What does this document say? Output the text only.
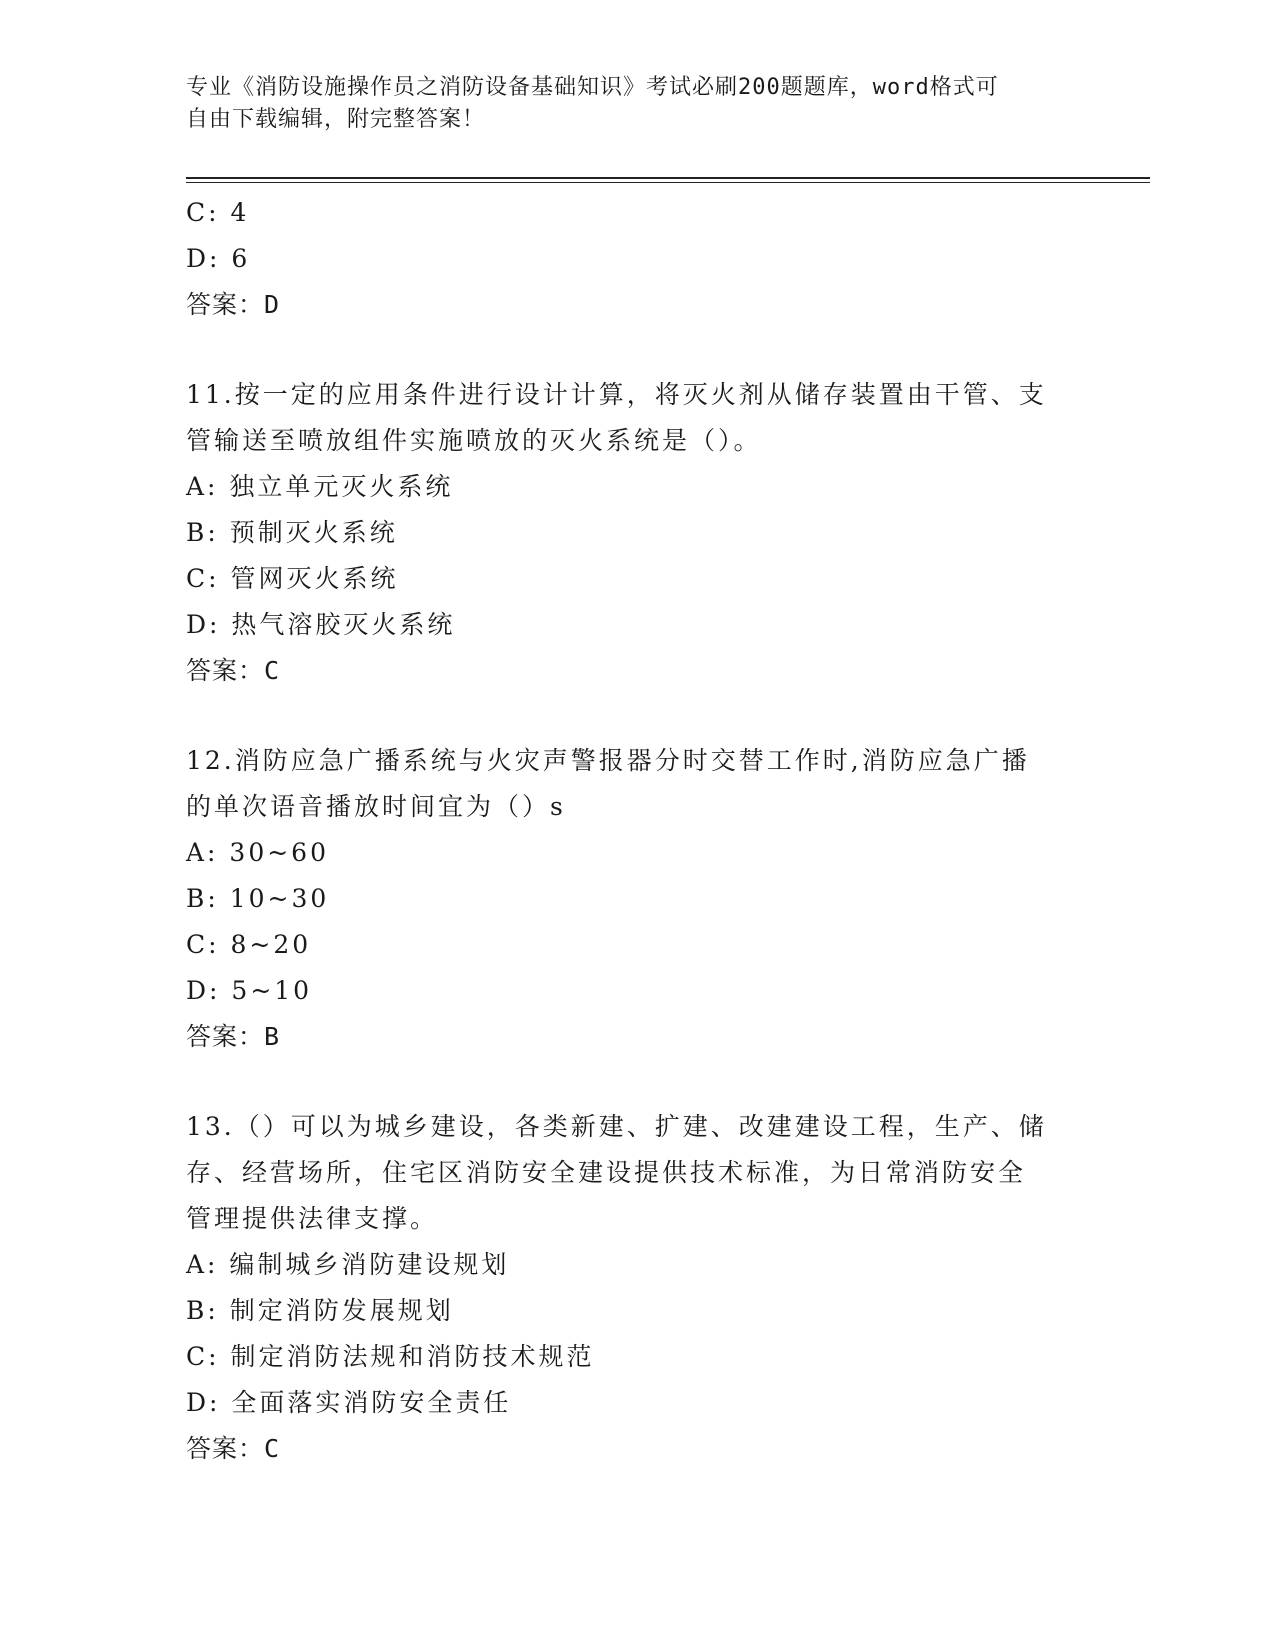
专业《消防设施操作员之消防设备基础知识》考试必刷200题题库，word格式可
自由下载编辑，附完整答案！
C: 4
D: 6
答案：D
11.按一定的应用条件进行设计计算，将灭火剂从储存装置由干管、支
管输送至喷放组件实施喷放的灭火系统是（）。
A: 独立单元灭火系统
B: 预制灭火系统
C: 管网灭火系统
D: 热气溶胶灭火系统
答案：C
12.消防应急广播系统与火灾声警报器分时交替工作时,消防应急广播
的单次语音播放时间宜为（）s
A: 30~60
B: 10~30
C: 8~20
D: 5~10
答案：B
13.（）可以为城乡建设，各类新建、扩建、改建建设工程，生产、储
存、经营场所，住宅区消防安全建设提供技术标准，为日常消防安全
管理提供法律支撑。
A: 编制城乡消防建设规划
B: 制定消防发展规划
C: 制定消防法规和消防技术规范
D: 全面落实消防安全责任
答案：C
